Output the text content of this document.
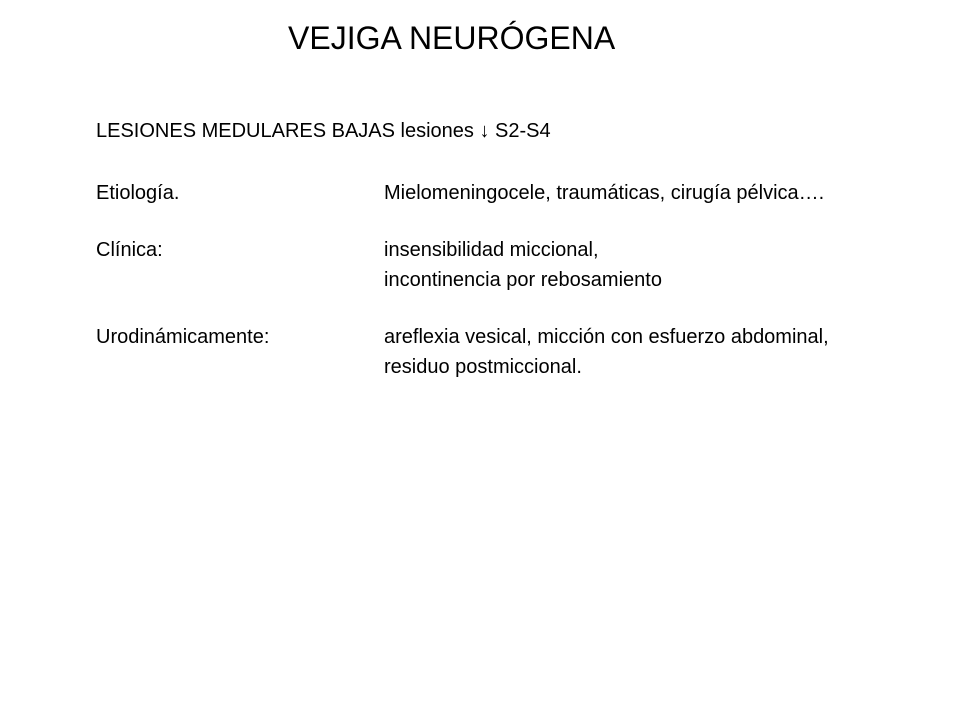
VEJIGA NEURÓGENA
LESIONES MEDULARES BAJAS lesiones ↓ S2-S4
Etiología.	Mielomeningocele, traumáticas, cirugía pélvica….
Clínica:	insensibilidad miccional,
incontinencia por rebosamiento
Urodinámicamente:	areflexia vesical, micción con esfuerzo abdominal,
residuo postmiccional.
